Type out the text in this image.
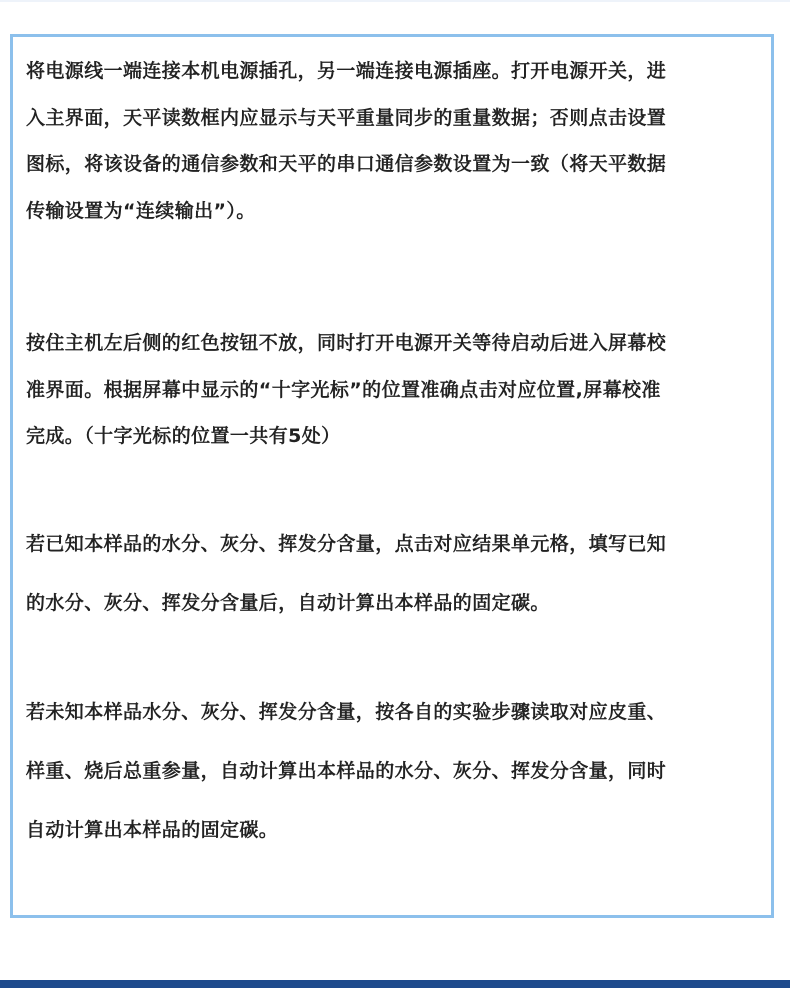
将电源线一端连接本机电源插孔，另一端连接电源插座。打开电源开关，进
入主界面，天平读数框内应显示与天平重量同步的重量数据；否则点击设置
图标，将该设备的通信参数和天平的串口通信参数设置为一致（将天平数据
传输设置为“连续输出”）。
按住主机左后侧的红色按钮不放，同时打开电源开关等待启动后进入屏幕校
准界面。根据屏幕中显示的“十字光标”的位置准确点击对应位置,屏幕校准
完成。（十字光标的位置一共有5处）
若已知本样品的水分、灰分、挥发分含量，点击对应结果单元格，填写已知
的水分、灰分、挥发分含量后，自动计算出本样品的固定碳。
若未知本样品水分、灰分、挥发分含量，按各自的实验步骤读取对应皮重、
样重、烧后总重参量，自动计算出本样品的水分、灰分、挥发分含量，同时
自动计算出本样品的固定碳。
